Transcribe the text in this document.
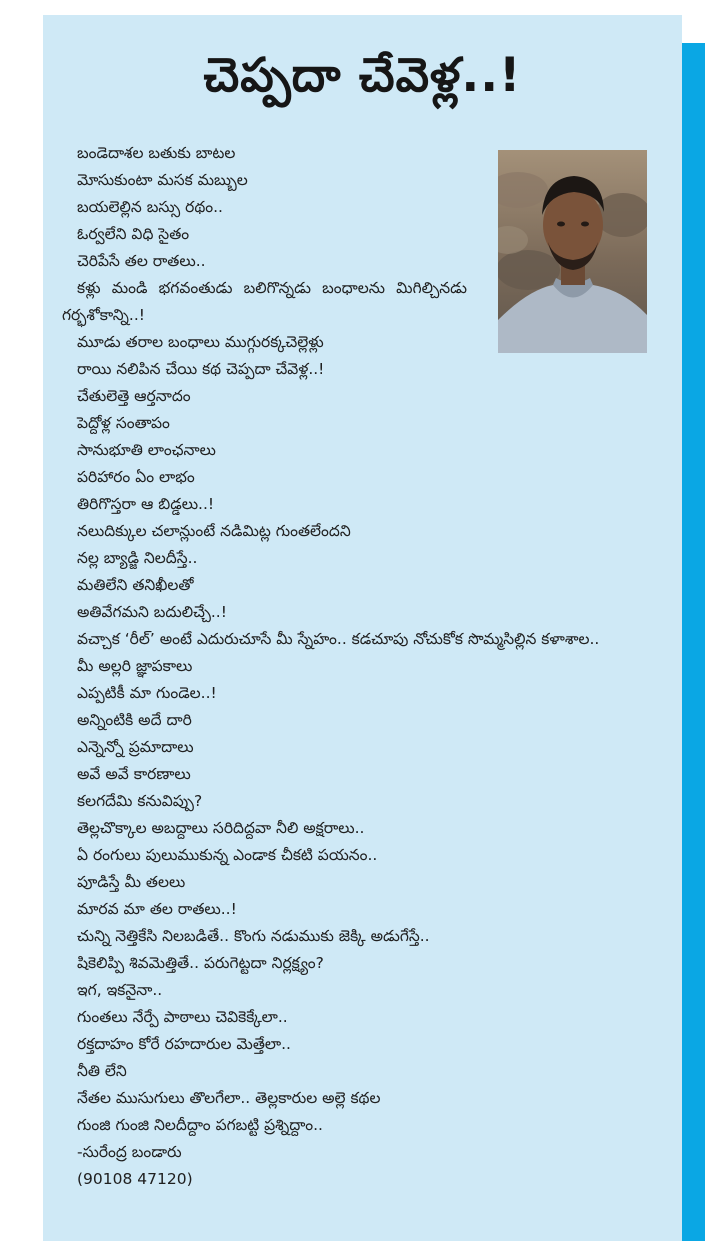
చెప్పదా చేవెళ్ల..!
బండెదాశల బతుకు బాటల
మోసుకుంటా మసక మబ్బుల
బయలెల్లిన బస్సు రథం..
ఓర్వలేని విధి సైతం
చెరిపేసే తల రాతలు..
కళ్లు మండి భగవంతుడు బలిగొన్నడు బంధాలను మిగిల్చినడు గర్భశోకాన్ని..!
మూడు తరాల బంధాలు ముగ్గురక్కచెల్లెళ్లు
రాయి నలిపిన చేయి కథ చెప్పదా చేవెళ్ల..!
చేతులెత్తె ఆర్తనాదం
పెద్దోళ్ల సంతాపం
సానుభూతి లాంఛనాలు
పరిహారం ఏం లాభం
తిరిగొస్తరా ఆ బిడ్డలు..!
నలుదిక్కుల చలాన్లుంటే నడిమిట్ల గుంతలేందని
నల్ల బ్యాడ్జి నిలదీస్తే..
మతిలేని తనిఖీలతో
అతివేగమని బదులిచ్చే..!
వచ్చాక ‘రీల్’ అంటే ఎదురుచూసే మీ స్నేహం.. కడచూపు నోచుకోక సొమ్మసిల్లిన కళాశాల..
మీ అల్లరి జ్ఞాపకాలు
ఎప్పటికీ మా గుండెల..!
అన్నింటికి అదే దారి
ఎన్నెన్నో ప్రమాదాలు
అవే అవే కారణాలు
కలగదేమి కనువిప్పు?
తెల్లచొక్కాల అబద్దాలు సరిదిద్దవా నీలి అక్షరాలు..
ఏ రంగులు పులుముకున్న ఎండాక చీకటి పయనం..
పూడిస్తే మీ తలలు
మారవ మా తల రాతలు..!
చున్ని నెత్తికేసి నిలబడితే.. కొంగు నడుముకు జెక్కి అడుగేస్తే..
షికెలిప్పి శివమెత్తితే.. పరుగెట్టదా నిర్లక్ష్యం?
ఇగ, ఇకనైనా..
గుంతలు నేర్పే పాఠాలు చెవికెక్కేలా..
రక్తదాహం కోరే రహదారుల మెత్తేలా..
నీతి లేని
నేతల ముసుగులు తొలగేలా.. తెల్లకారుల అల్లె కథల
గుంజి గుంజి నిలదీద్దాం పగబట్టి ప్రశ్నిద్దాం..
-సురేంద్ర బండారు
(90108 47120)
